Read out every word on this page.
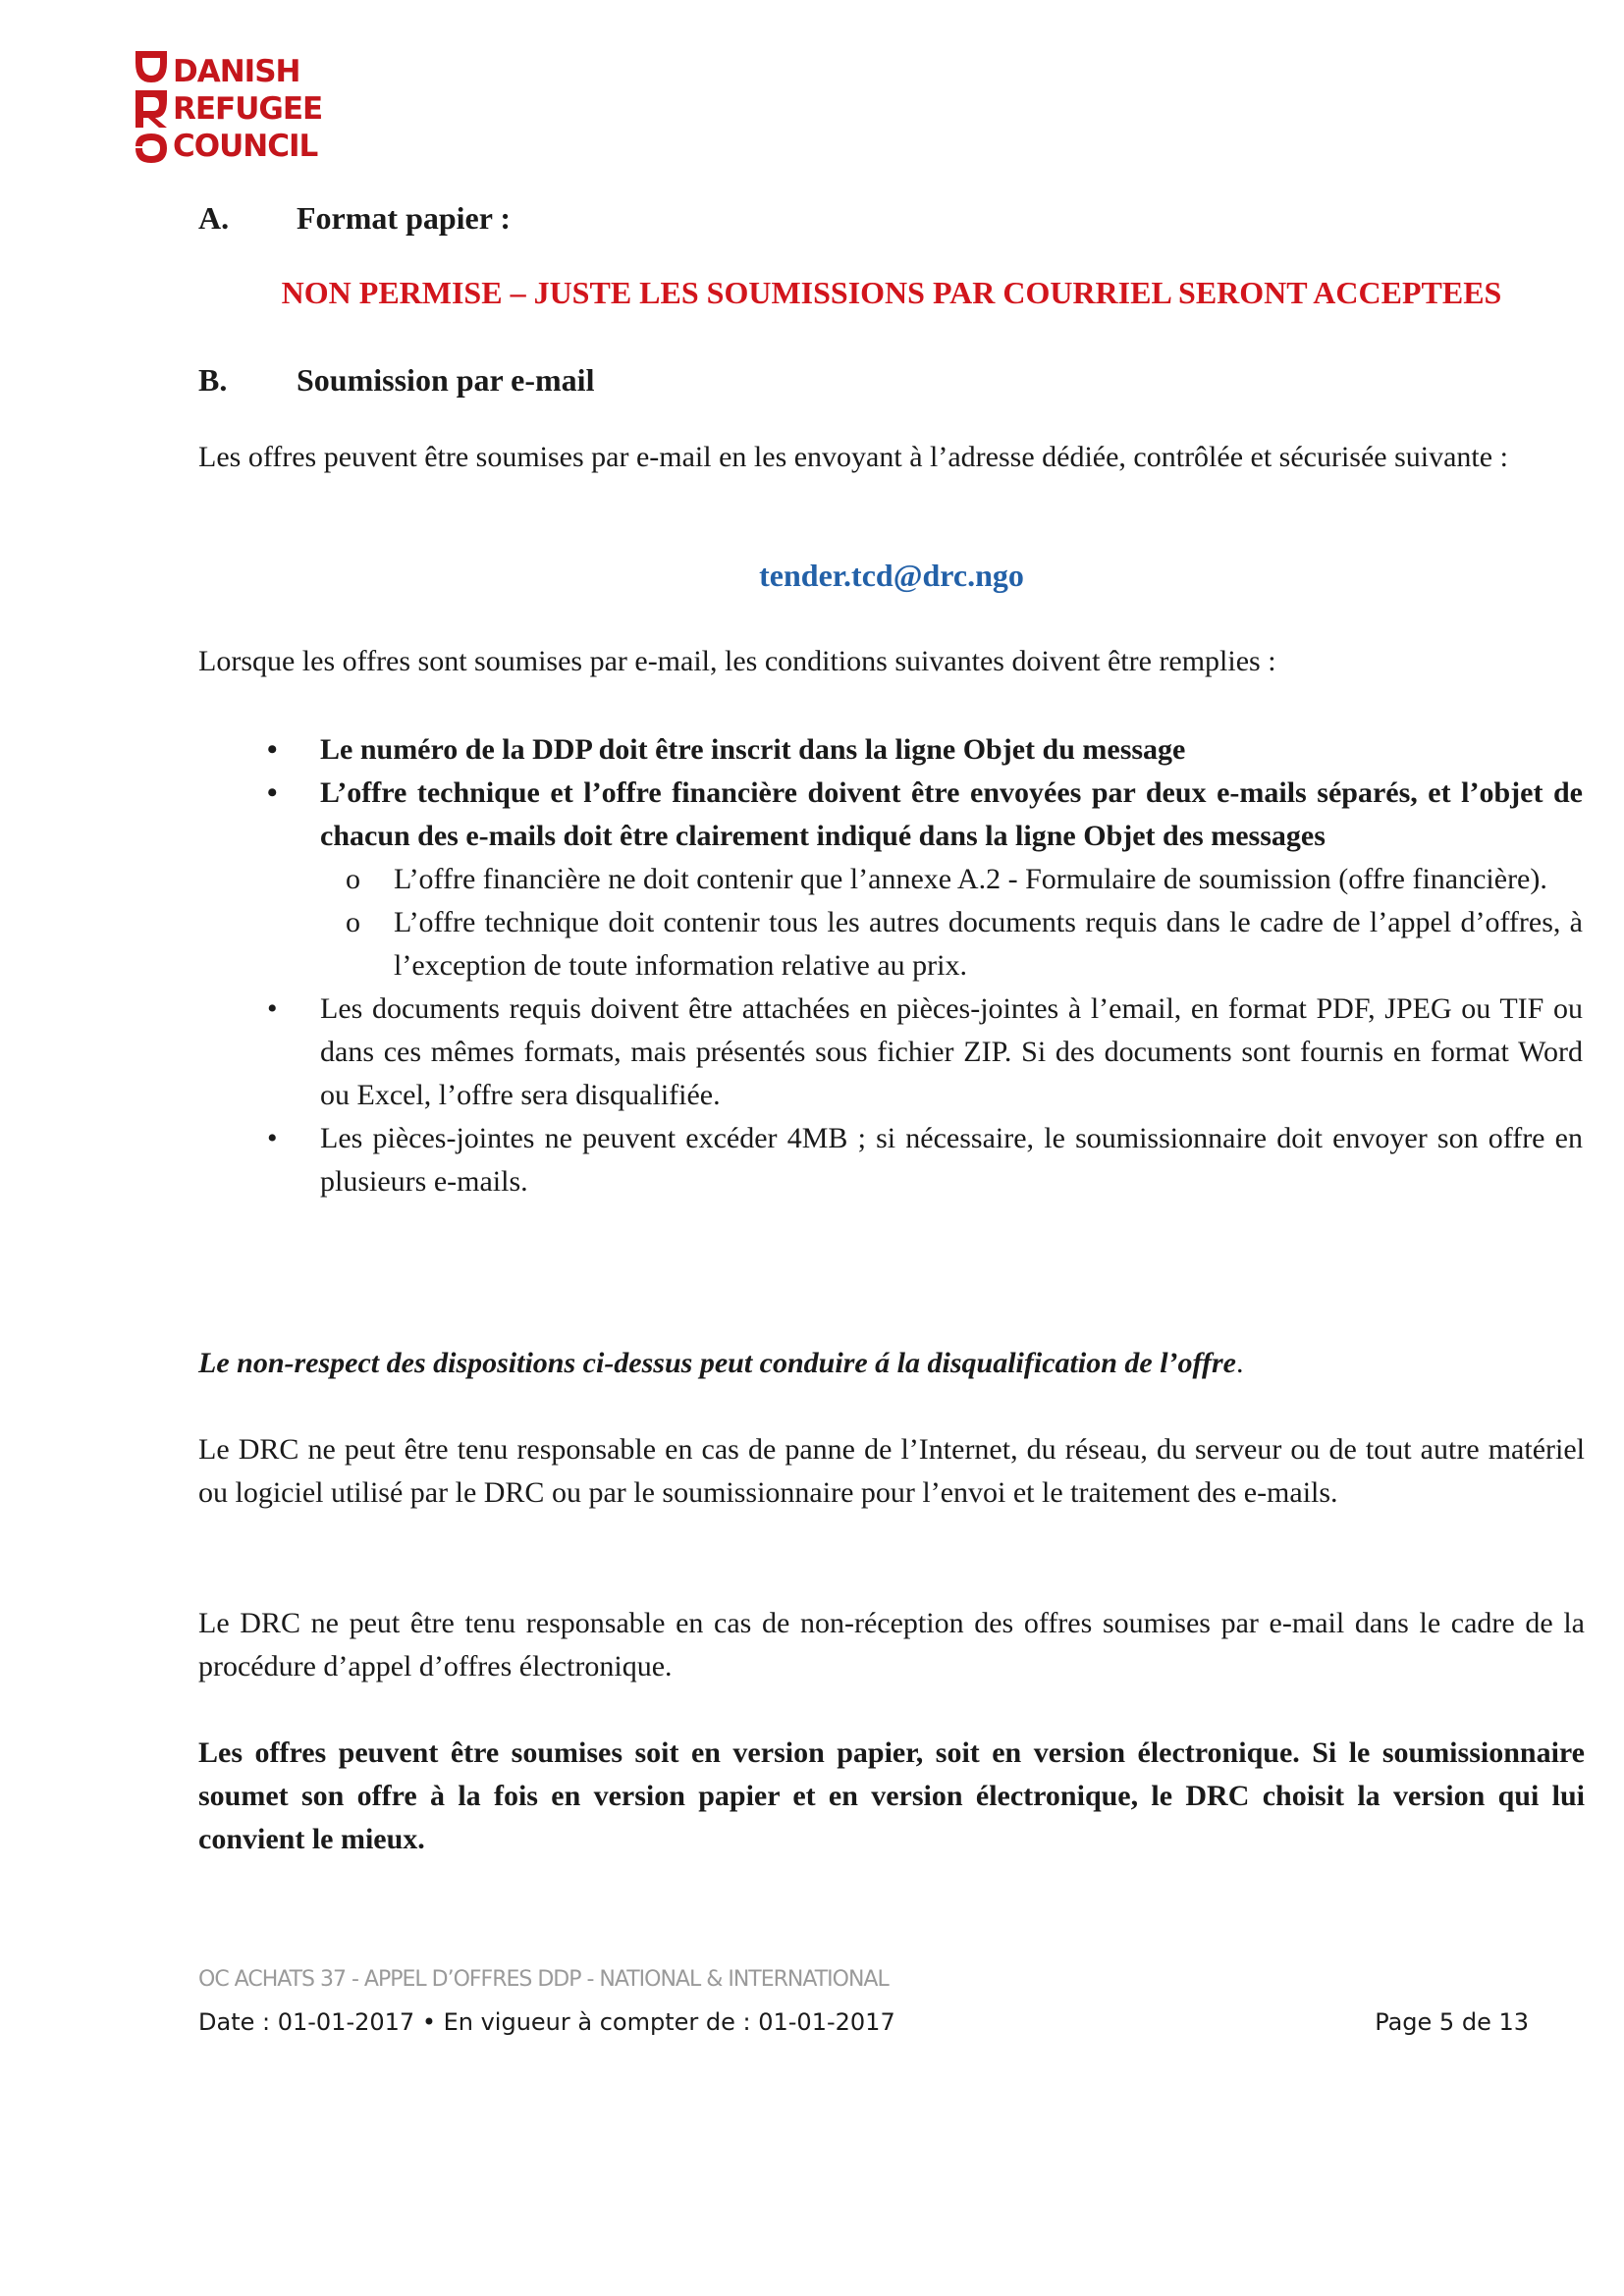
DANISH
REFUGEE
COUNCIL
A. Format papier :
NON PERMISE – JUSTE LES SOUMISSIONS PAR COURRIEL SERONT ACCEPTEES
B. Soumission par e-mail
Les offres peuvent être soumises par e-mail en les envoyant à l’adresse dédiée, contrôlée et sécurisée suivante :
tender.tcd@drc.ngo
Lorsque les offres sont soumises par e-mail, les conditions suivantes doivent être remplies :
• Le numéro de la DDP doit être inscrit dans la ligne Objet du message
• L’offre technique et l’offre financière doivent être envoyées par deux e-mails séparés, et l’objet de chacun des e-mails doit être clairement indiqué dans la ligne Objet des messages
o L’offre financière ne doit contenir que l’annexe A.2 - Formulaire de soumission (offre financière).
o L’offre technique doit contenir tous les autres documents requis dans le cadre de l’appel d’offres, à l’exception de toute information relative au prix.
• Les documents requis doivent être attachées en pièces-jointes à l’email, en format PDF, JPEG ou TIF ou dans ces mêmes formats, mais présentés sous fichier ZIP. Si des documents sont fournis en format Word ou Excel, l’offre sera disqualifiée.
• Les pièces-jointes ne peuvent excéder 4MB ; si nécessaire, le soumissionnaire doit envoyer son offre en plusieurs e-mails.
Le non-respect des dispositions ci-dessus peut conduire á la disqualification de l’offre.
Le DRC ne peut être tenu responsable en cas de panne de l’Internet, du réseau, du serveur ou de tout autre matériel ou logiciel utilisé par le DRC ou par le soumissionnaire pour l’envoi et le traitement des e-mails.
Le DRC ne peut être tenu responsable en cas de non-réception des offres soumises par e-mail dans le cadre de la procédure d’appel d’offres électronique.
Les offres peuvent être soumises soit en version papier, soit en version électronique. Si le soumissionnaire soumet son offre à la fois en version papier et en version électronique, le DRC choisit la version qui lui convient le mieux.
OC ACHATS 37 - APPEL D’OFFRES DDP - NATIONAL & INTERNATIONAL
Date : 01-01-2017 • En vigueur à compter de : 01-01-2017	Page 5 de 13
